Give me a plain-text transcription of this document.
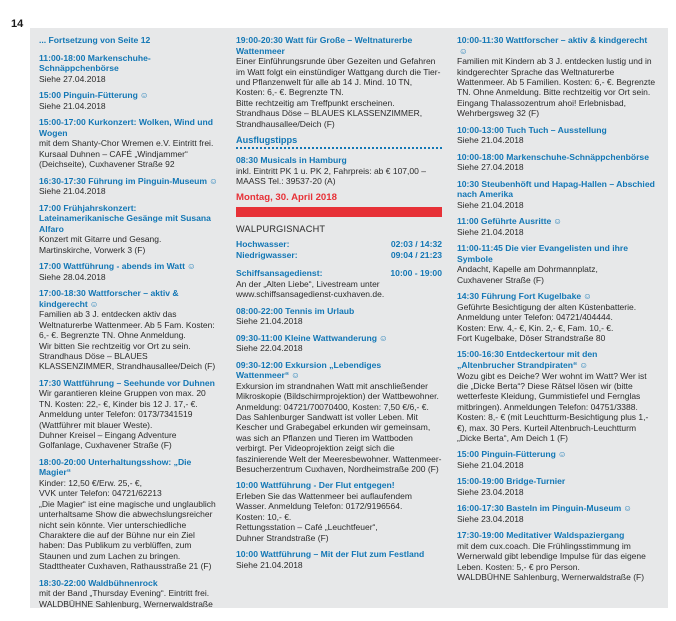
14
... Fortsetzung von Seite 12
11:00-18:00 Markenschuhe-Schnäppchenbörse
Siehe 27.04.2018
15:00 Pinguin-Fütterung ☺
Siehe 21.04.2018
15:00-17:00 Kurkonzert: Wolken, Wind und Wogen
mit dem Shanty-Chor Wremen e.V. Eintritt frei.
Kursaal Duhnen – CAFÉ „Windjammer“
(Deichseite), Cuxhavener Straße 92
16:30-17:30 Führung im Pinguin-Museum ☺
Siehe 21.04.2018
17:00 Frühjahrskonzert: Lateinamerikanische Gesänge mit Susana Alfaro
Konzert mit Gitarre und Gesang.
Martinskirche, Vorwerk 3 (F)
17:00 Wattführung - abends im Watt ☺
Siehe 28.04.2018
17:00-18:30 Wattforscher – aktiv & kindgerecht ☺
Familien ab 3 J. entdecken aktiv das Weltnaturerbe Wattenmeer. Ab 5 Fam. Kosten: 6,- €. Begrenzte TN. Ohne Anmeldung.
Wir bitten Sie rechtzeitig vor Ort zu sein.
Strandhaus Döse – BLAUES KLASSENZIMMER, Strandhausallee/Deich (F)
17:30 Wattführung – Seehunde vor Duhnen
Wir garantieren kleine Gruppen von max. 20 TN. Kosten: 22,- €, Kinder bis 12 J. 17,- €.
Anmeldung unter Telefon: 0173/7341519 (Wattführer mit blauer Weste).
Duhner Kreisel – Eingang Adventure Golfanlage, Cuxhavener Straße (F)
18:00-20:00 Unterhaltungsshow: „Die Magier“
Kinder: 12,50 €/Erw. 25,- €,
VVK unter Telefon: 04721/62213
„Die Magier“ ist eine magische und unglaublich unterhaltsame Show die abwechslungsreicher nicht sein könnte. Vier unterschiedliche Charaktere die auf der Bühne nur ein Ziel haben: Das Publikum zu verblüffen, zum Staunen und zum Lachen zu bringen.
Stadttheater Cuxhaven, Rathausstraße 21 (F)
18:30-22:00 Waldbühnenrock
mit der Band „Thursday Evening“. Eintritt frei.
WALDBÜHNE Sahlenburg, Wernerwaldstraße
19:00-20:30 Watt für Große – Weltnaturerbe Wattenmeer
Einer Einführungsrunde über Gezeiten und Gefahren im Watt folgt ein einstündiger Wattgang durch die Tier- und Pflanzenwelt für alle ab 14 J. Mind. 10 TN, Kosten: 6,- €. Begrenzte TN.
Bitte rechtzeitig am Treffpunkt erscheinen.
Strandhaus Döse – BLAUES KLASSENZIMMER, Strandhausallee/Deich (F)
Ausflugstipps
08:30 Musicals in Hamburg
inkl. Eintritt PK 1 u. PK 2, Fahrpreis: ab € 107,00 – MAASS Tel.: 39537-20 (A)
Montag, 30. April 2018
WALPURGISNACHT
Hochwasser:	02:03 / 14:32
Niedrigwasser:	09:04 / 21:23
Schiffsansagedienst:	10:00 - 19:00
An der „Alten Liebe“, Livestream unter www.schiffsansagedienst-cuxhaven.de.
08:00-22:00 Tennis im Urlaub
Siehe 21.04.2018
09:30-11:00 Kleine Wattwanderung ☺
Siehe 22.04.2018
09:30-12:00 Exkursion „Lebendiges Wattenmeer“ ☺
Exkursion im strandnahen Watt mit anschließender Mikroskopie (Bildschirmprojektion) der Wattbewohner. Anmeldung: 04721/70070400, Kosten: 7,50 €/6,- €. Das Sahlenburger Sandwatt ist voller Leben. Mit Kescher und Grabegabel erkunden wir gemeinsam, was sich an Pflanzen und Tieren im Wattboden verbirgt. Per Videoprojektion zeigt sich die faszinierende Welt der Meeresbewohner. Wattenmeer-Besucherzentrum Cuxhaven, Nordheimstraße 200 (F)
10:00 Wattführung - Der Flut entgegen!
Erleben Sie das Wattenmeer bei auflaufendem Wasser. Anmeldung Telefon: 0172/9196564.
Kosten: 10,- €.
Rettungsstation – Café „Leuchtfeuer“,
Duhner Strandstraße (F)
10:00 Wattführung – Mit der Flut zum Festland
Siehe 21.04.2018
10:00-11:30 Wattforscher – aktiv & kindgerecht☺
Familien mit Kindern ab 3 J. entdecken lustig und in kindgerechter Sprache das Weltnaturerbe Wattenmeer. Ab 5 Familien. Kosten: 6,- €. Begrenzte TN. Ohne Anmeldung. Bitte rechtzeitig vor Ort sein.
Eingang Thalassozentrum ahoi! Erlebnisbad, Wehrbergsweg 32 (F)
10:00-13:00 Tuch Tuch – Ausstellung
Siehe 21.04.2018
10:00-18:00 Markenschuhe-Schnäppchenbörse
Siehe 27.04.2018
10:30 Steubenhöft und Hapag-Hallen – Abschied nach Amerika
Siehe 21.04.2018
11:00 Geführte Ausritte ☺
Siehe 21.04.2018
11:00-11:45 Die vier Evangelisten und ihre Symbole
Andacht, Kapelle am Dohrmannplatz,
Cuxhavener Straße (F)
14:30 Führung Fort Kugelbake ☺
Geführte Besichtigung der alten Küstenbatterie. Anmeldung unter Telefon: 04721/404444.
Kosten: Erw. 4,- €, Kin. 2,- €, Fam. 10,- €.
Fort Kugelbake, Döser Strandstraße 80
15:00-16:30 Entdeckertour mit den „Altenbrucher Strandpiraten“ ☺
Wozu gibt es Deiche? Wer wohnt im Watt? Wer ist die „Dicke Berta“? Diese Rätsel lösen wir (bitte wetterfeste Kleidung, Gummistiefel und Fernglas mitbringen). Anmeldungen Telefon: 04751/3388.
Kosten: 8,- € (mit Leuchtturm-Besichtigung plus 1,- €), max. 30 Pers. Kurteil Altenbruch-Leuchtturm „Dicke Berta“, Am Deich 1 (F)
15:00 Pinguin-Fütterung ☺
Siehe 21.04.2018
15:00-19:00 Bridge-Turnier
Siehe 23.04.2018
16:00-17:30 Basteln im Pinguin-Museum ☺
Siehe 23.04.2018
17:30-19:00 Meditativer Waldspaziergang
mit dem cux.coach. Die Frühlingsstimmung im Wernerwald gibt lebendige Impulse für das eigene Leben. Kosten: 5,- € pro Person.
WALDBÜHNE Sahlenburg, Wernerwaldstraße (F)
